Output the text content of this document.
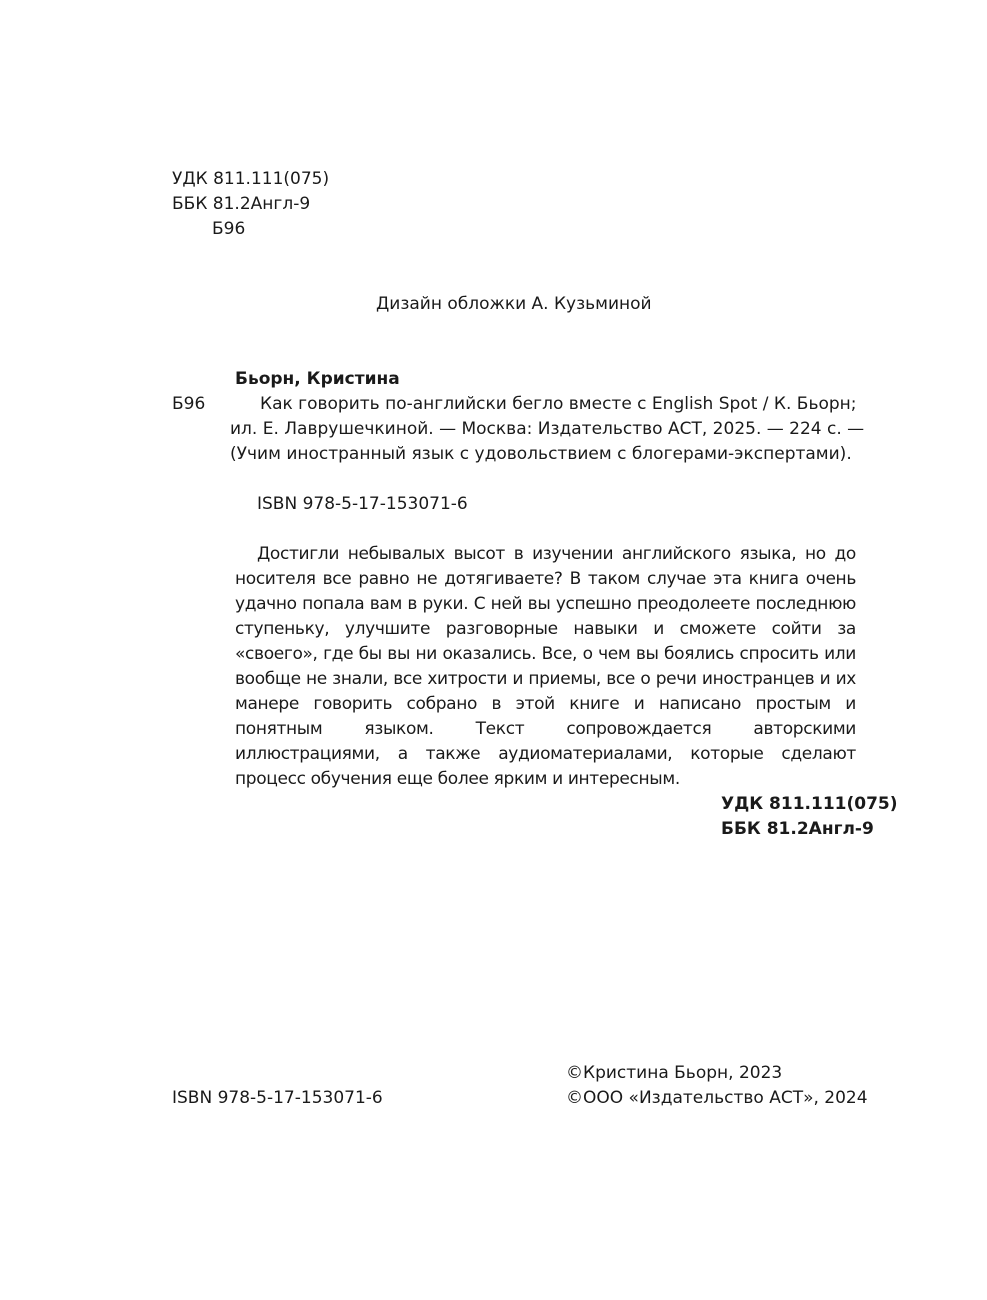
УДК 811.111(075)
ББК 81.2Англ-9
Б96
Дизайн обложки А. Кузьминой
Бьорн, Кристина
Б96	Как говорить по-английски бегло вместе с English Spot / К. Бьорн;
ил. Е. Лаврушечкиной. — Москва: Издательство АСТ, 2025. — 224 с. —
(Учим иностранный язык с удовольствием с блогерами-экспертами).
ISBN 978-5-17-153071-6
Достигли небывалых высот в изучении английского языка, но до носителя все равно не дотягиваете? В таком случае эта книга очень удачно попала вам в руки. С ней вы успешно преодолеете последнюю ступеньку, улучшите разговорные навыки и сможете сойти за «своего», где бы вы ни оказались. Все, о чем вы боялись спросить или вообще не знали, все хитрости и приемы, все о речи иностранцев и их манере говорить собрано в этой книге и написано простым и понятным языком. Текст сопровождается авторскими иллюстрациями, а также аудиоматериалами, которые сделают процесс обучения еще более ярким и интересным.
УДК 811.111(075)
ББК 81.2Англ-9
ISBN 978-5-17-153071-6
©Кристина Бьорн, 2023
©ООО «Издательство АСТ», 2024
